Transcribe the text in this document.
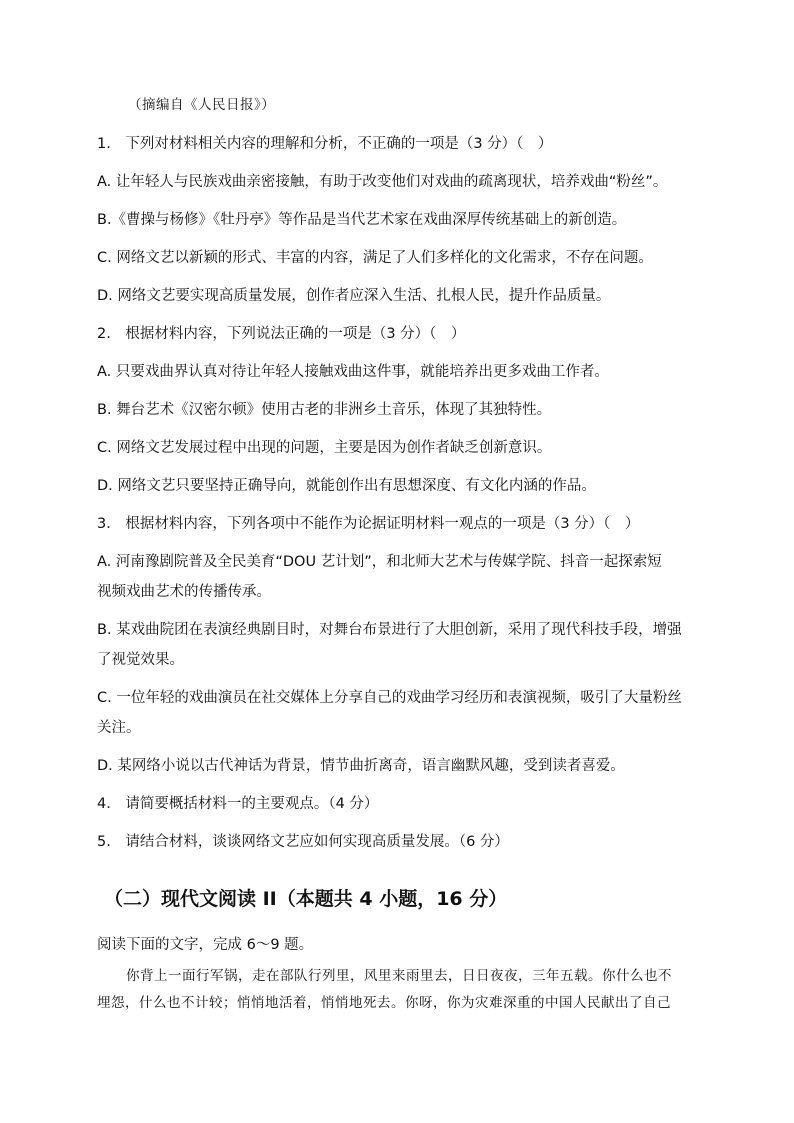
（摘编自《人民日报》）
1.　下列对材料相关内容的理解和分析，不正确的一项是（3 分）（　）
A. 让年轻人与民族戏曲亲密接触，有助于改变他们对戏曲的疏离现状，培养戏曲“粉丝”。
B.《曹操与杨修》《牡丹亭》等作品是当代艺术家在戏曲深厚传统基础上的新创造。
C. 网络文艺以新颖的形式、丰富的内容，满足了人们多样化的文化需求，不存在问题。
D. 网络文艺要实现高质量发展，创作者应深入生活、扎根人民，提升作品质量。
2.　根据材料内容，下列说法正确的一项是（3 分）（　）
A. 只要戏曲界认真对待让年轻人接触戏曲这件事，就能培养出更多戏曲工作者。
B. 舞台艺术《汉密尔顿》使用古老的非洲乡土音乐，体现了其独特性。
C. 网络文艺发展过程中出现的问题，主要是因为创作者缺乏创新意识。
D. 网络文艺只要坚持正确导向，就能创作出有思想深度、有文化内涵的作品。
3.　根据材料内容，下列各项中不能作为论据证明材料一观点的一项是（3 分）（　）
A. 河南豫剧院普及全民美育“DOU 艺计划”，和北师大艺术与传媒学院、抖音一起探索短
视频戏曲艺术的传播传承。
B. 某戏曲院团在表演经典剧目时，对舞台布景进行了大胆创新，采用了现代科技手段，增强
了视觉效果。
C. 一位年轻的戏曲演员在社交媒体上分享自己的戏曲学习经历和表演视频，吸引了大量粉丝
关注。
D. 某网络小说以古代神话为背景，情节曲折离奇，语言幽默风趣，受到读者喜爱。
4.　请简要概括材料一的主要观点。（4 分）
5.　请结合材料，谈谈网络文艺应如何实现高质量发展。（6 分）
（二）现代文阅读 II（本题共 4 小题，16 分）
阅读下面的文字，完成 6～9 题。
你背上一面行军锅，走在部队行列里，风里来雨里去，日日夜夜，三年五载。你什么也不
埋怨，什么也不计较；悄悄地活着，悄悄地死去。你呀，你为灾难深重的中国人民献出了自己
